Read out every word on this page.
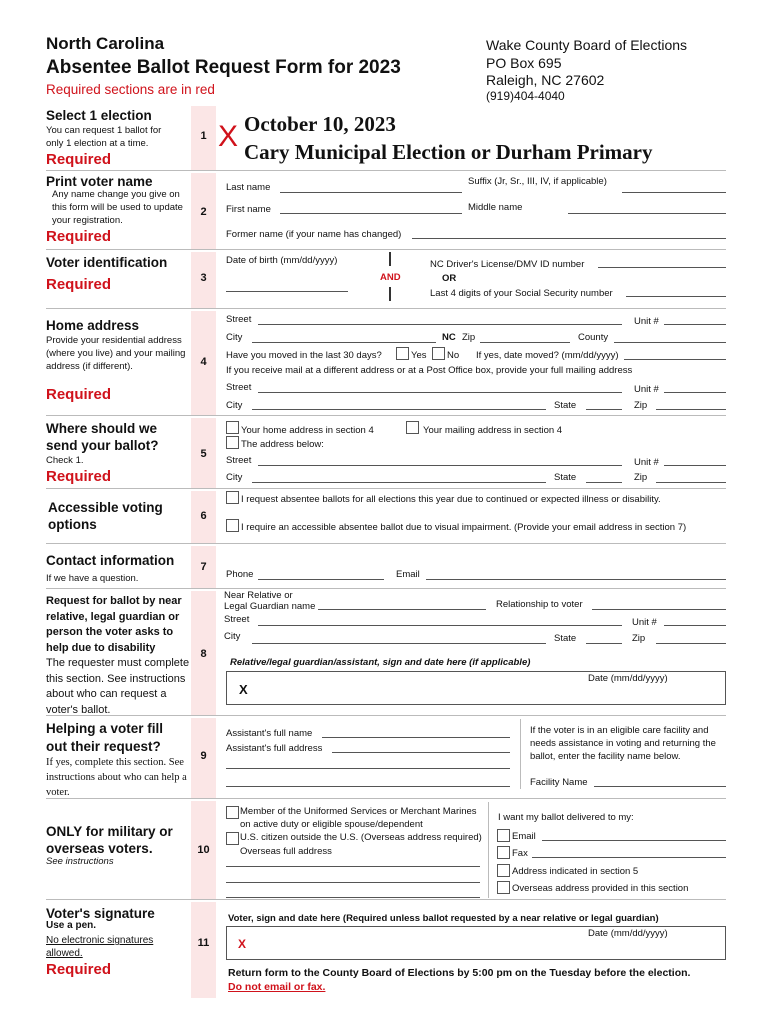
North Carolina
Absentee Ballot Request Form for 2023
Required sections are in red
Wake County Board of Elections
PO Box 695
Raleigh, NC 27602
(919)404-4040
Select 1 election
You can request 1 ballot for only 1 election at a time.
Required
1 X October 10, 2023
Cary Municipal Election or Durham Primary
Print voter name
Any name change you give on this form will be used to update your registration.
Required
2
Last name
Suffix (Jr, Sr., III, IV, if applicable)
First name	Middle name
Former name (if your name has changed)
Voter identification
Required	3
Date of birth (mm/dd/yyyy)
AND
NC Driver's License/DMV ID number
OR
Last 4 digits of your Social Security number
Home address
Provide your residential address (where you live) and your mailing address (if different).
Required
4
Street	Unit #
City	NC Zip	County
Have you moved in the last 30 days?	Yes No If yes, date moved? (mm/dd/yyyy)
If you receive mail at a different address or at a Post Office box, provide your full mailing address
Street	Unit #
City	State	Zip
Where should we send your ballot?
Check 1.
Required
5
Your home address in section 4	Your mailing address in section 4
The address below:
Street	Unit #
City	State	Zip
Accessible voting options
6
I request absentee ballots for all elections this year due to continued or expected illness or disability.
I require an accessible absentee ballot due to visual impairment. (Provide your email address in section 7)
Contact information
If we have a question.
7
Phone	Email
Request for ballot by near relative, legal guardian or person the voter asks to help due to disability
The requester must complete this section. See instructions about who can request a voter's ballot.
8
Near Relative or
Legal Guardian name	Relationship to voter
Street	Unit #
City	State	Zip
Relative/legal guardian/assistant, sign and date here (if applicable)
Date (mm/dd/yyyy)
X
Helping a voter fill out their request?
If yes, complete this section. See instructions about who can help a voter.
9
Assistant's full name
Assistant's full address
If the voter is in an eligible care facility and needs assistance in voting and returning the ballot, enter the facility name below.
Facility Name
ONLY for military or overseas voters.
See instructions
10
Member of the Uniformed Services or Merchant Marines on active duty or eligible spouse/dependent
U.S. citizen outside the U.S. (Overseas address required)
Overseas full address
I want my ballot delivered to my:
Email
Fax
Address indicated in section 5
Overseas address provided in this section
Voter's signature
Use a pen.
No electronic signatures allowed.
Required
11
Voter, sign and date here (Required unless ballot requested by a near relative or legal guardian)
Date (mm/dd/yyyy)
X
Return form to the County Board of Elections by 5:00 pm on the Tuesday before the election.
Do not email or fax.
